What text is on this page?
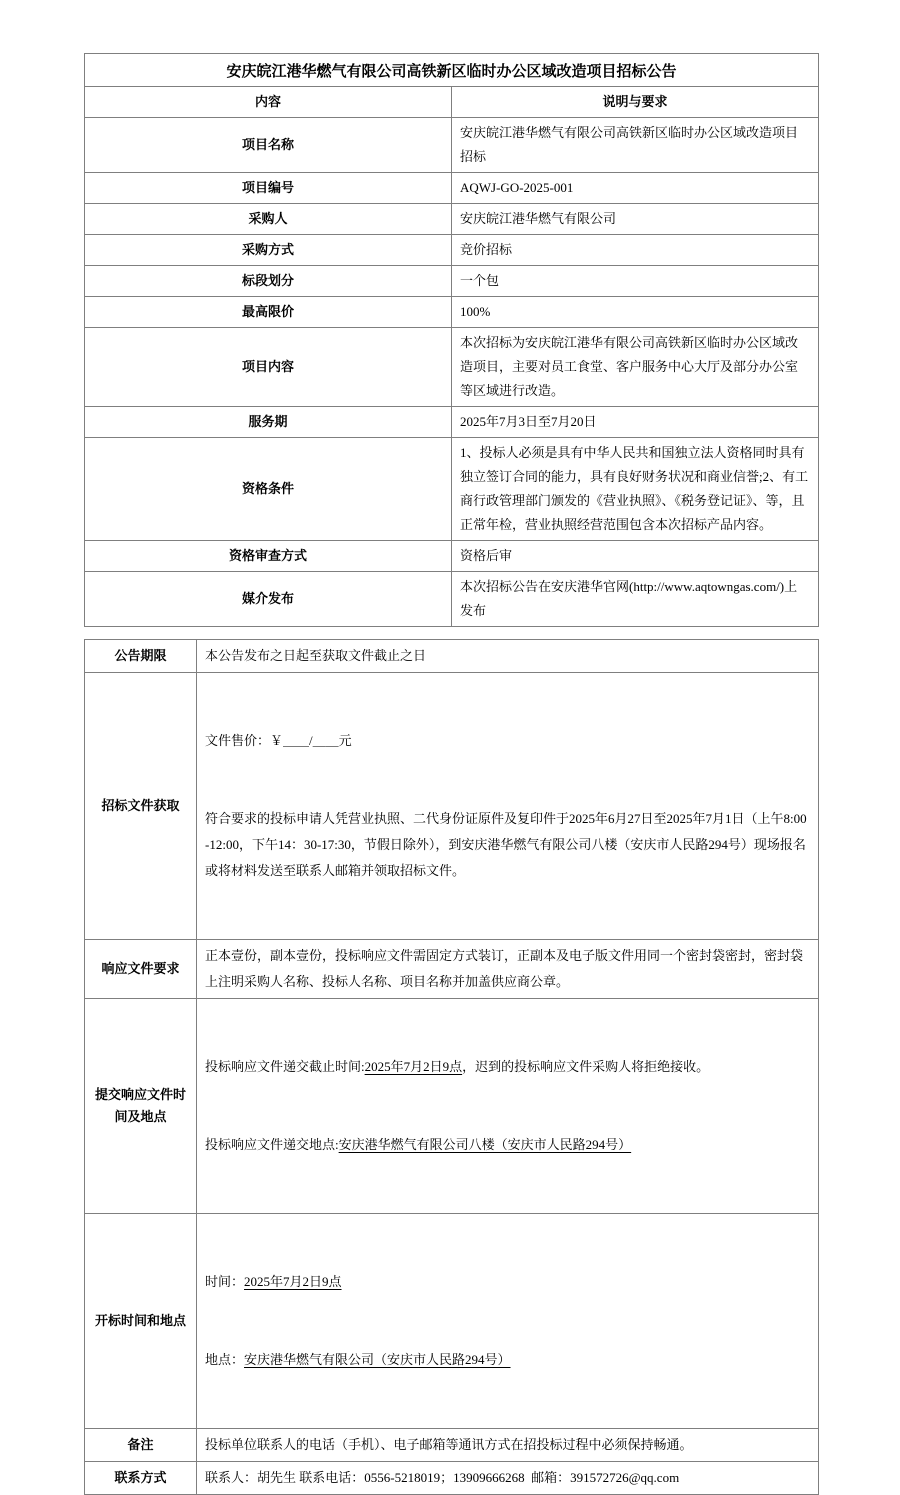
安庆皖江港华燃气有限公司高铁新区临时办公区域改造项目招标公告	
内容	说明与要求
项目名称	安庆皖江港华燃气有限公司高铁新区临时办公区域改造项目招标
项目编号	AQWJ-GO-2025-001
采购人	安庆皖江港华燃气有限公司
采购方式	竞价招标
标段划分	一个包
最高限价	100%
项目内容	本次招标为安庆皖江港华有限公司高铁新区临时办公区域改造项目，主要对员工食堂、客户服务中心大厅及部分办公室等区域进行改造。
服务期	2025年7月3日至7月20日
资格条件	1、投标人必须是具有中华人民共和国独立法人资格同时具有独立签订合同的能力，具有良好财务状况和商业信誉;2、有工商行政管理部门颁发的《营业执照》、《税务登记证》、等，且正常年检，营业执照经营范围包含本次招标产品内容。
资格审查方式	资格后审
媒介发布	本次招标公告在安庆港华官网(http://www.aqtowngas.com/)上发布
公告期限	本公告发布之日起至获取文件截止之日
招标文件获取	文件售价：￥＿＿/＿＿元

符合要求的投标申请人凭营业执照、二代身份证原件及复印件于2025年6月27日至2025年7月1日（上午8:00-12:00，下午14：30-17:30，节假日除外），到安庆港华燃气有限公司八楼（安庆市人民路294号）现场报名或将材料发送至联系人邮箱并领取招标文件。

响应文件要求	正本壹份，副本壹份，投标响应文件需固定方式装订，正副本及电子版文件用同一个密封袋密封，密封袋上注明采购人名称、投标人名称、项目名称并加盖供应商公章。
提交响应文件时间及地点	投标响应文件递交截止时间:2025年7月2日9点，迟到的投标响应文件采购人将拒绝接收。

投标响应文件递交地点:安庆港华燃气有限公司八楼（安庆市人民路294号）

开标时间和地点	时间：2025年7月2日9点

地点：安庆港华燃气有限公司（安庆市人民路294号）

备注	投标单位联系人的电话（手机）、电子邮箱等通讯方式在招投标过程中必须保持畅通。
联系方式	联系人：胡先生 联系电话：0556-5218019；13909666268  邮箱：391572726@qq.com
